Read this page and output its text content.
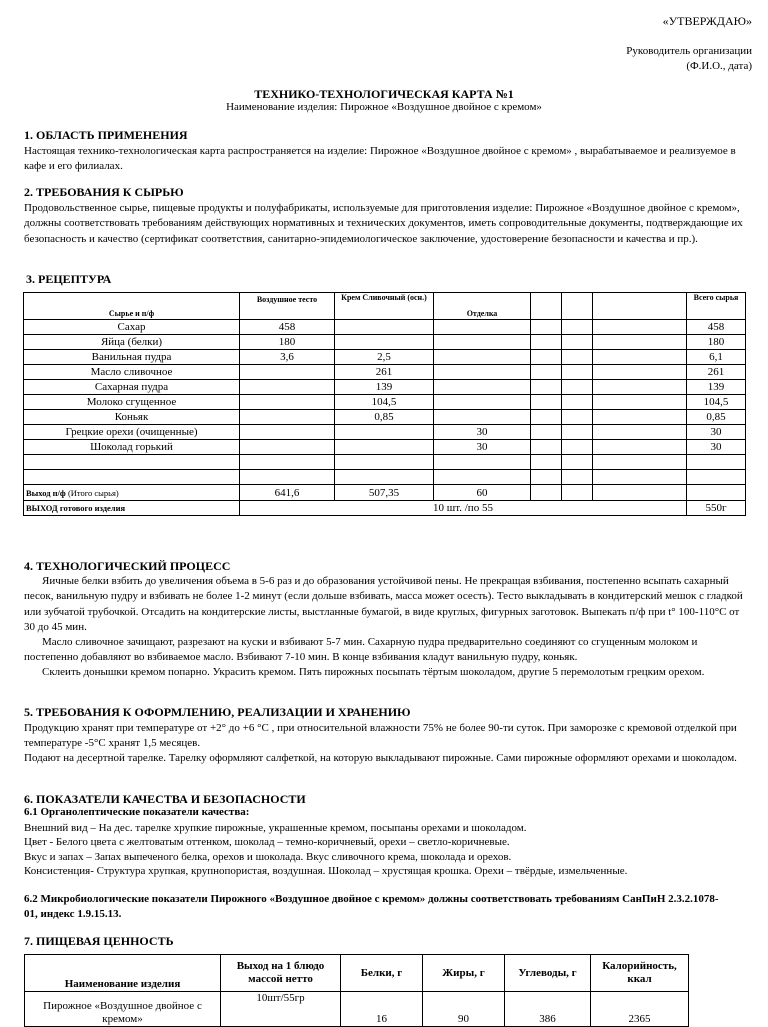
«УТВЕРЖДАЮ»
Руководитель организации
(Ф.И.О., дата)
ТЕХНИКО-ТЕХНОЛОГИЧЕСКАЯ КАРТА №1
Наименование изделия: Пирожное «Воздушное двойное с кремом»
1. ОБЛАСТЬ ПРИМЕНЕНИЯ
Настоящая технико-технологическая карта распространяется на изделие: Пирожное «Воздушное двойное с кремом» , вырабатываемое и реализуемое в кафе и его филиалах.
2. ТРЕБОВАНИЯ К СЫРЬЮ
Продовольственное сырье, пищевые продукты и полуфабрикаты, используемые для приготовления изделие: Пирожное «Воздушное двойное с кремом», должны соответствовать требованиям действующих нормативных и технических документов, иметь сопроводительные документы, подтверждающие их безопасность и качество (сертификат соответствия, санитарно-эпидемиологическое заключение, удостоверение безопасности и качества и пр.).
3. РЕЦЕПТУРА
Сырье и п/ф	Воздушное тесто	Крем Сливочный (осн.)	Отделка				Всего сырья
Сахар	458						458
Яйца (белки)	180						180
Ванильная пудра	3,6	2,5					6,1
Масло сливочное		261					261
Сахарная пудра		139					139
Молоко сгущенное		104,5					104,5
Коньяк		0,85					0,85
Грецкие орехи (очищенные)			30				30
Шоколад горький			30				30

Выход п/ф (Итого сырья)	641,6	507,35	60				
ВЫХОД готового изделия	10 шт. /по 55						550г
4. ТЕХНОЛОГИЧЕСКИЙ ПРОЦЕСС
Яичные белки взбить до увеличения объема в 5-6 раз и до образования устойчивой пены. Не прекращая взбивания, постепенно всыпать сахарный песок, ванильную пудру и взбивать не более 1-2 минут (если дольше взбивать, масса может осесть). Тесто выкладывать в кондитерский мешок с гладкой или зубчатой трубочкой. Отсадить на кондитерские листы, выстланные бумагой, в виде круглых, фигурных заготовок. Выпекать п/ф при t° 100-110°С от 30 до 45 мин.
Масло сливочное зачищают, разрезают на куски и взбивают 5-7 мин. Сахарную пудра предварительно соединяют со сгущенным молоком и постепенно добавляют во взбиваемое масло. Взбивают 7-10 мин. В конце взбивания кладут ванильную пудру, коньяк.
Склеить донышки кремом попарно. Украсить кремом. Пять пирожных посыпать тёртым шоколадом, другие 5 перемолотым грецким орехом.
5. ТРЕБОВАНИЯ К ОФОРМЛЕНИЮ, РЕАЛИЗАЦИИ И ХРАНЕНИЮ
Продукцию хранят при температуре от +2° до +6 °С , при относительной влажности 75% не более 90-ти суток. При заморозке с кремовой отделкой при температуре -5°С хранят 1,5 месяцев.
Подают на десертной тарелке. Тарелку оформляют салфеткой, на которую выкладывают пирожные. Сами пирожные оформляют орехами и шоколадом.
6. ПОКАЗАТЕЛИ КАЧЕСТВА И БЕЗОПАСНОСТИ
6.1 Органолептические показатели качества:
Внешний вид – На дес. тарелке хрупкие пирожные, украшенные кремом, посыпаны орехами и шоколадом.
Цвет - Белого цвета с желтоватым оттенком, шоколад – темно-коричневый, орехи – светло-коричневые.
Вкус и запах – Запах выпеченого белка, орехов и шоколада. Вкус сливочного крема, шоколада и орехов.
Консистенция- Структура хрупкая, крупнопористая, воздушная. Шоколад – хрустящая крошка. Орехи – твёрдые, измельченные.
6.2 Микробиологические показатели Пирожного «Воздушное двойное с кремом» должны соответствовать требованиям СанПиН 2.3.2.1078-01, индекс 1.9.15.13.
7. ПИЩЕВАЯ ЦЕННОСТЬ
Наименование изделия	Выход на 1 блюдо массой нетто	Белки, г	Жиры, г	Углеводы, г	Калорийность, ккал
Пирожное «Воздушное двойное с кремом»	10шт/55гр	16	90	386	2365
